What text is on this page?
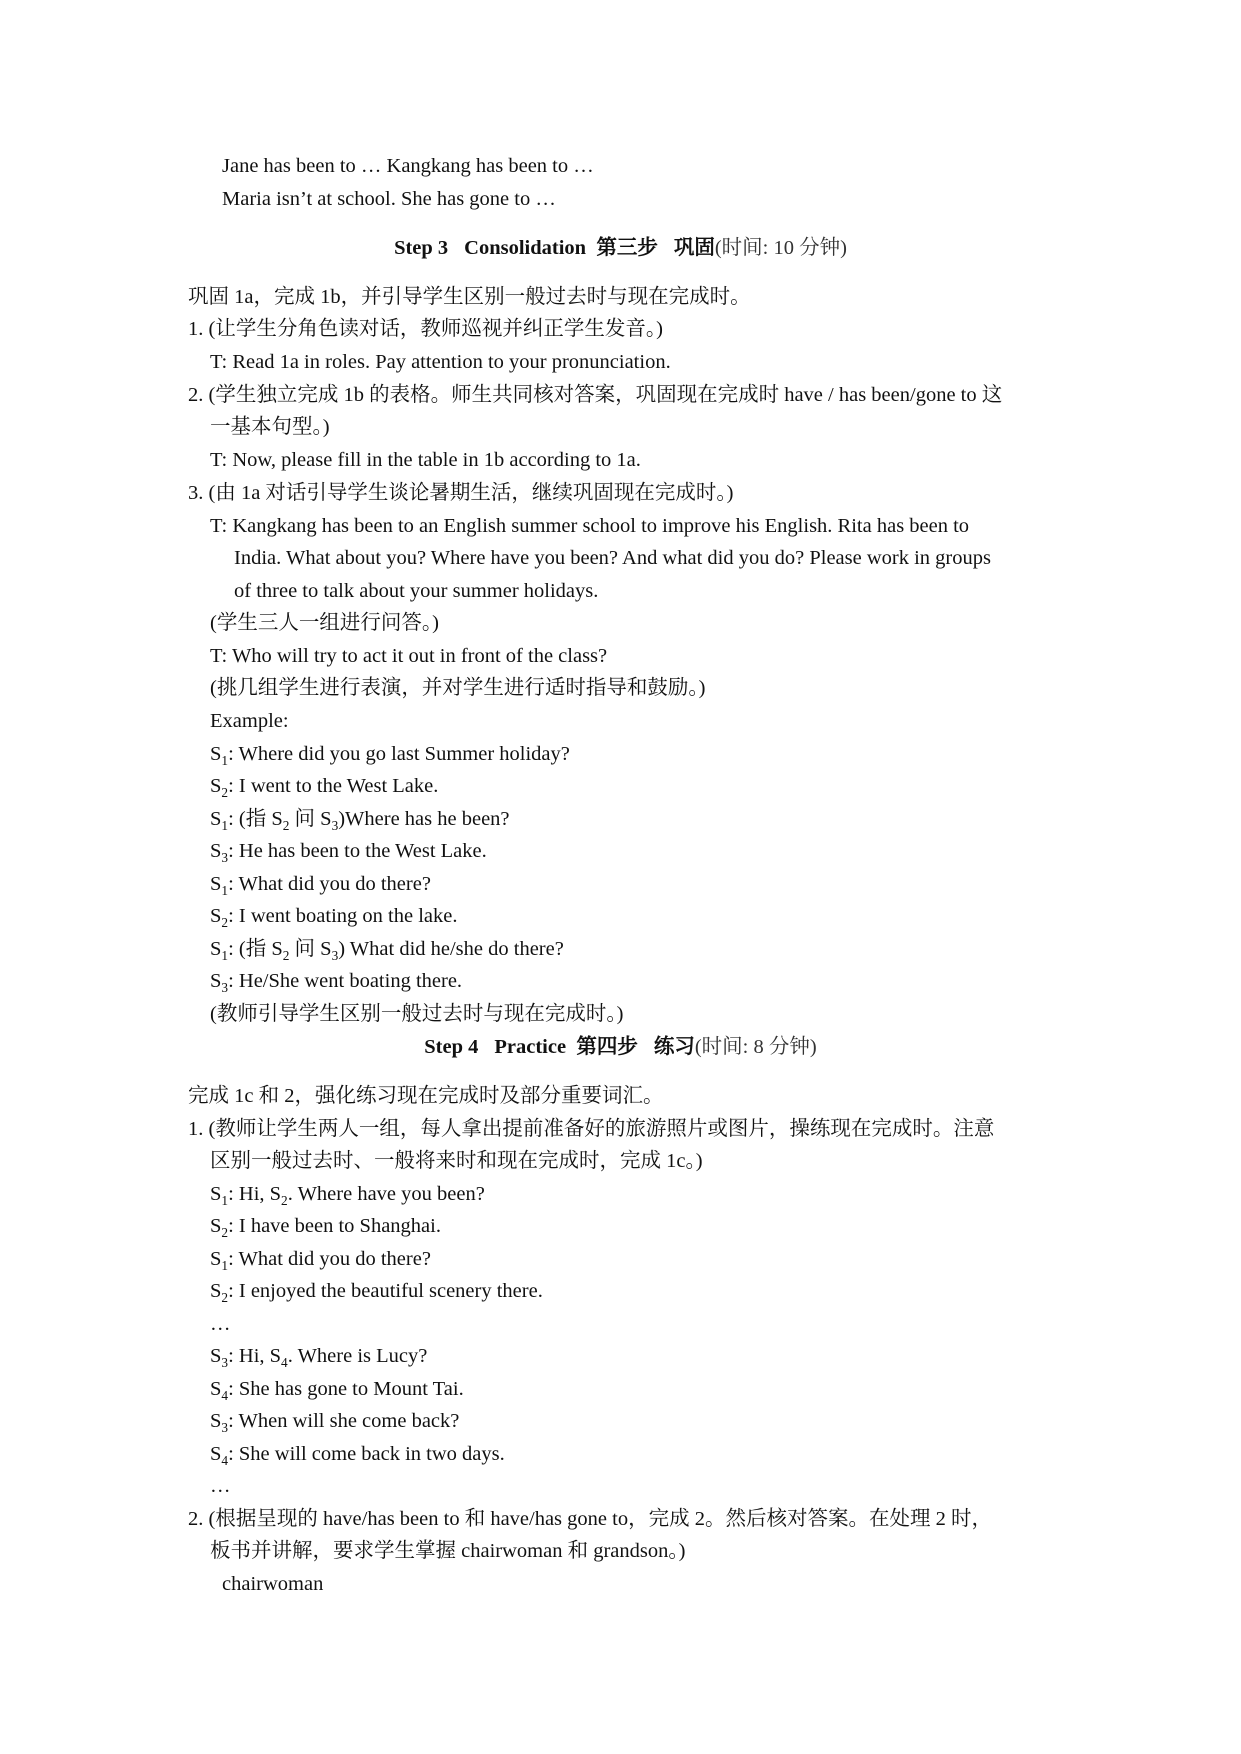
Jane has been to … Kangkang has been to …
Maria isn’t at school. She has gone to …
Step 3 Consolidation 第三步 巩固(时间: 10 分钟)
巩固 1a，完成 1b，并引导学生区别一般过去时与现在完成时。
1. (让学生分角色读对话，教师巡视并纠正学生发音。)
T: Read 1a in roles. Pay attention to your pronunciation.
2. (学生独立完成 1b 的表格。师生共同核对答案，巩固现在完成时 have / has been/gone to 这
一基本句型。)
T: Now, please fill in the table in 1b according to 1a.
3. (由 1a 对话引导学生谈论暑期生活，继续巩固现在完成时。)
T: Kangkang has been to an English summer school to improve his English. Rita has been to
India. What about you? Where have you been? And what did you do? Please work in groups
of three to talk about your summer holidays.
(学生三人一组进行问答。)
T: Who will try to act it out in front of the class?
(挑几组学生进行表演，并对学生进行适时指导和鼓励。)
Example:
$S_1$: Where did you go last Summer holiday?
$S_2$: I went to the West Lake.
$S_1$: (指 $S_2$ 问 $S_3)Where$ has he been?
$S_3$: He has been to the West Lake.
$S_1$: What did you do there?
$S_2$: I went boating on the lake.
$S_1$: (指 $S_2$ 问 $S_3$) What did he/she do there?
$S_3$: He/She went boating there.
(教师引导学生区别一般过去时与现在完成时。)
Step 4 Practice 第四步 练习(时间: 8 分钟)
完成 1c 和 2，强化练习现在完成时及部分重要词汇。
1. (教师让学生两人一组，每人拿出提前准备好的旅游照片或图片，操练现在完成时。注意
区别一般过去时、一般将来时和现在完成时，完成 1c。)
$S_1$: Hi, $S_2$. Where have you been?
$S_2$: I have been to Shanghai.
$S_1$: What did you do there?
$S_2$: I enjoyed the beautiful scenery there.
…
$S_3$: Hi, $S_4$. Where is Lucy?
$S_4$: She has gone to Mount Tai.
$S_3$: When will she come back?
$S_4$: She will come back in two days.
…
2. (根据呈现的 have/has been to 和 have/has gone to，完成 2。然后核对答案。在处理 2 时，
板书并讲解，要求学生掌握 chairwoman 和 grandson。)
chairwoman
